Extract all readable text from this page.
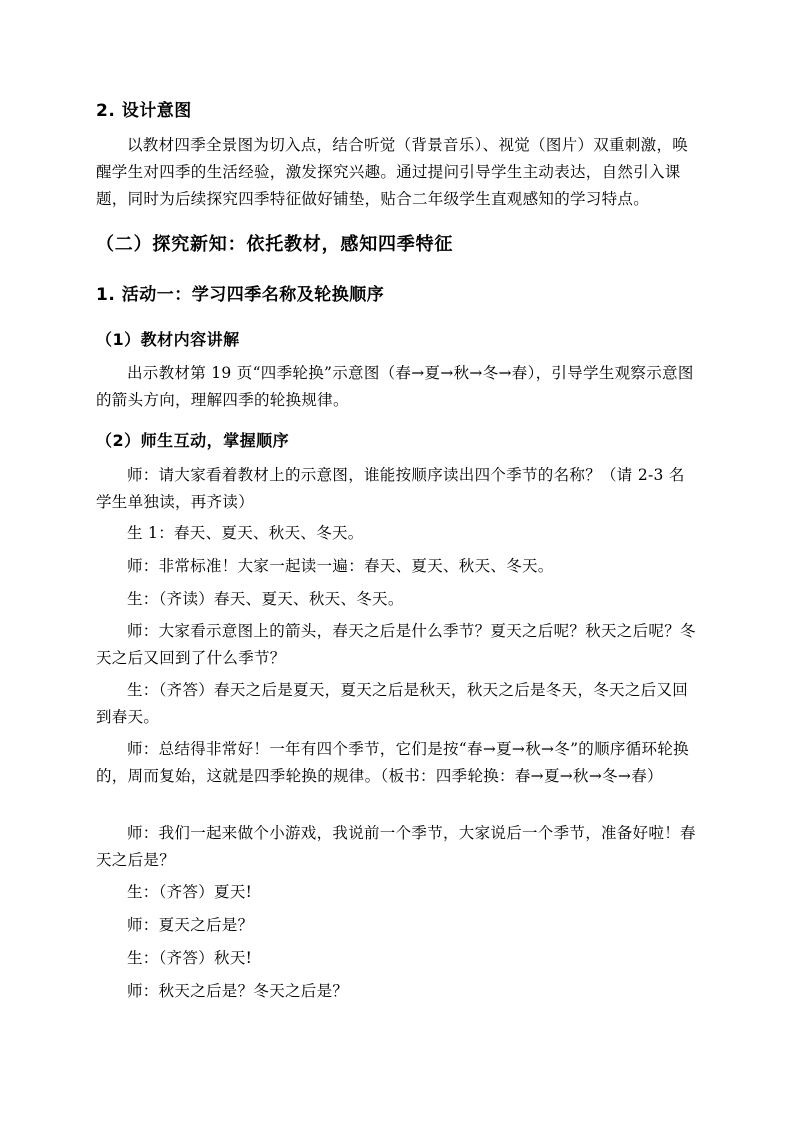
2. 设计意图

以教材四季全景图为切入点，结合听觉（背景音乐）、视觉（图片）双重刺激，唤醒学生对四季的生活经验，激发探究兴趣。通过提问引导学生主动表达，自然引入课题，同时为后续探究四季特征做好铺垫，贴合二年级学生直观感知的学习特点。

（二）探究新知：依托教材，感知四季特征
1. 活动一：学习四季名称及轮换顺序
（1）教材内容讲解

出示教材第 19 页“四季轮换”示意图（春→夏→秋→冬→春），引导学生观察示意图的箭头方向，理解四季的轮换规律。

（2）师生互动，掌握顺序

师：请大家看着教材上的示意图，谁能按顺序读出四个季节的名称？（请 2-3 名学生单独读，再齐读）

生 1：春天、夏天、秋天、冬天。

师：非常标准！大家一起读一遍：春天、夏天、秋天、冬天。

生：（齐读）春天、夏天、秋天、冬天。

师：大家看示意图上的箭头，春天之后是什么季节？夏天之后呢？秋天之后呢？冬天之后又回到了什么季节？

生：（齐答）春天之后是夏天，夏天之后是秋天，秋天之后是冬天，冬天之后又回到春天。

师：总结得非常好！一年有四个季节，它们是按“春→夏→秋→冬”的顺序循环轮换的，周而复始，这就是四季轮换的规律。（板书：四季轮换：春→夏→秋→冬→春）

师：我们一起来做个小游戏，我说前一个季节，大家说后一个季节，准备好啦！春天之后是？

生：（齐答）夏天!

师：夏天之后是？

生：（齐答）秋天!

师：秋天之后是？冬天之后是？
